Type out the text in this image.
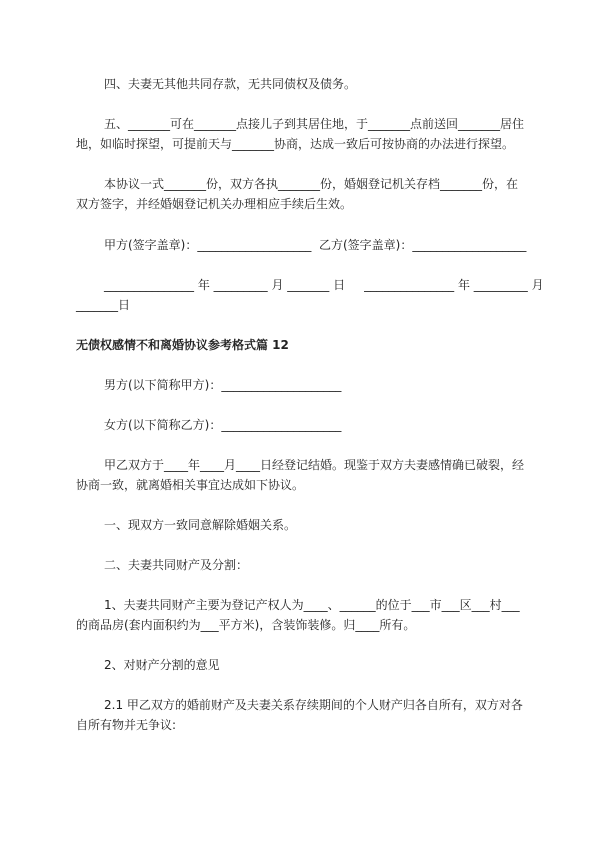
四、夫妻无其他共同存款，无共同债权及债务。
五、_______可在_______点接儿子到其居住地，于_______点前送回_______居住
地，如临时探望，可提前天与_______协商，达成一致后可按协商的办法进行探望。
本协议一式_______份，双方各执_______份，婚姻登记机关存档_______份，在
双方签字，并经婚姻登记机关办理相应手续后生效。
甲方(签字盖章)：___________________  乙方(签字盖章)：___________________
_______________ 年 _________ 月 _______ 日     _______________ 年 _________ 月
_______日
无债权感情不和离婚协议参考格式篇 12
男方(以下简称甲方)：____________________
女方(以下简称乙方)：____________________
甲乙双方于____年____月____日经登记结婚。现鉴于双方夫妻感情确已破裂，经
协商一致，就离婚相关事宜达成如下协议。
一、现双方一致同意解除婚姻关系。
二、夫妻共同财产及分割：
1、夫妻共同财产主要为登记产权人为____、______的位于___市___区___村___
的商品房(套内面积约为___平方米)，含装饰装修。归____所有。
2、对财产分割的意见
2.1 甲乙双方的婚前财产及夫妻关系存续期间的个人财产归各自所有，双方对各
自所有物并无争议:
